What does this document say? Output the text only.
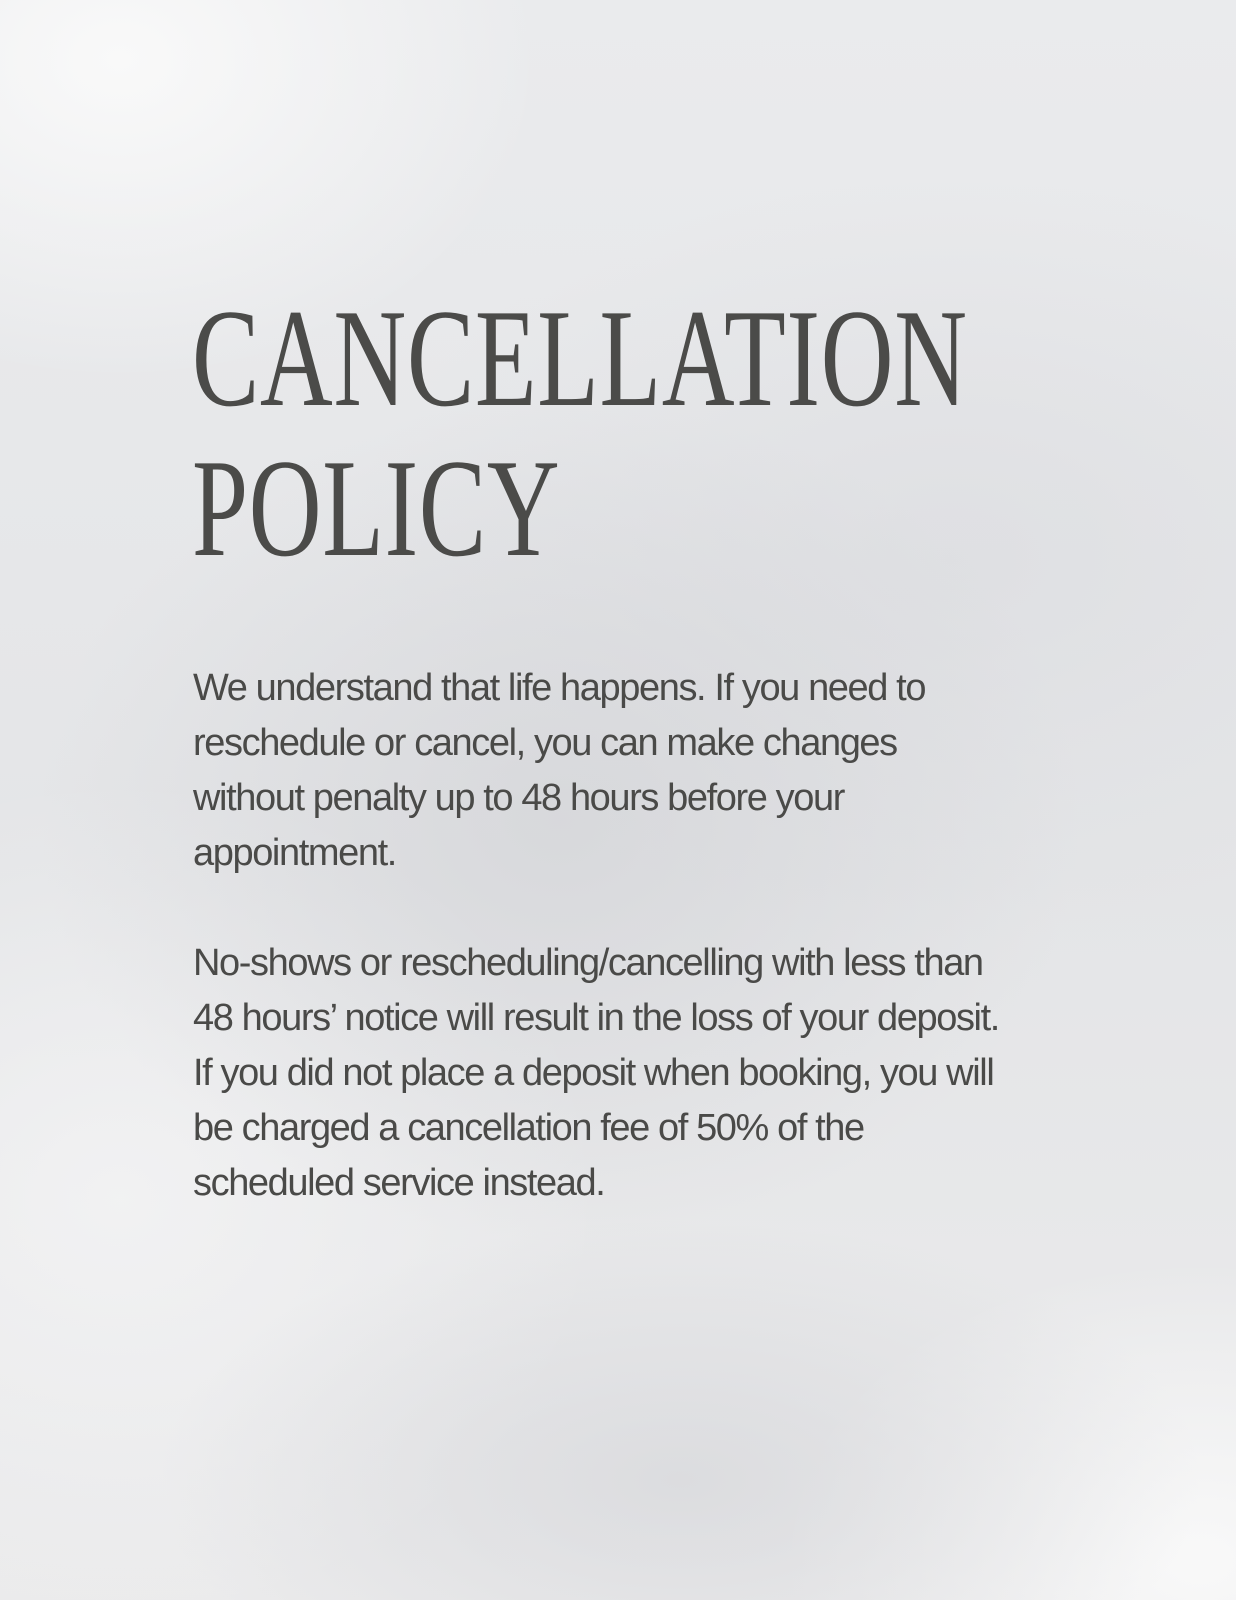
CANCELLATION
POLICY

We understand that life happens. If you need to
reschedule or cancel, you can make changes
without penalty up to 48 hours before your
appointment.

No-shows or rescheduling/cancelling with less than
48 hours’ notice will result in the loss of your deposit.
If you did not place a deposit when booking, you will
be charged a cancellation fee of 50% of the
scheduled service instead.
